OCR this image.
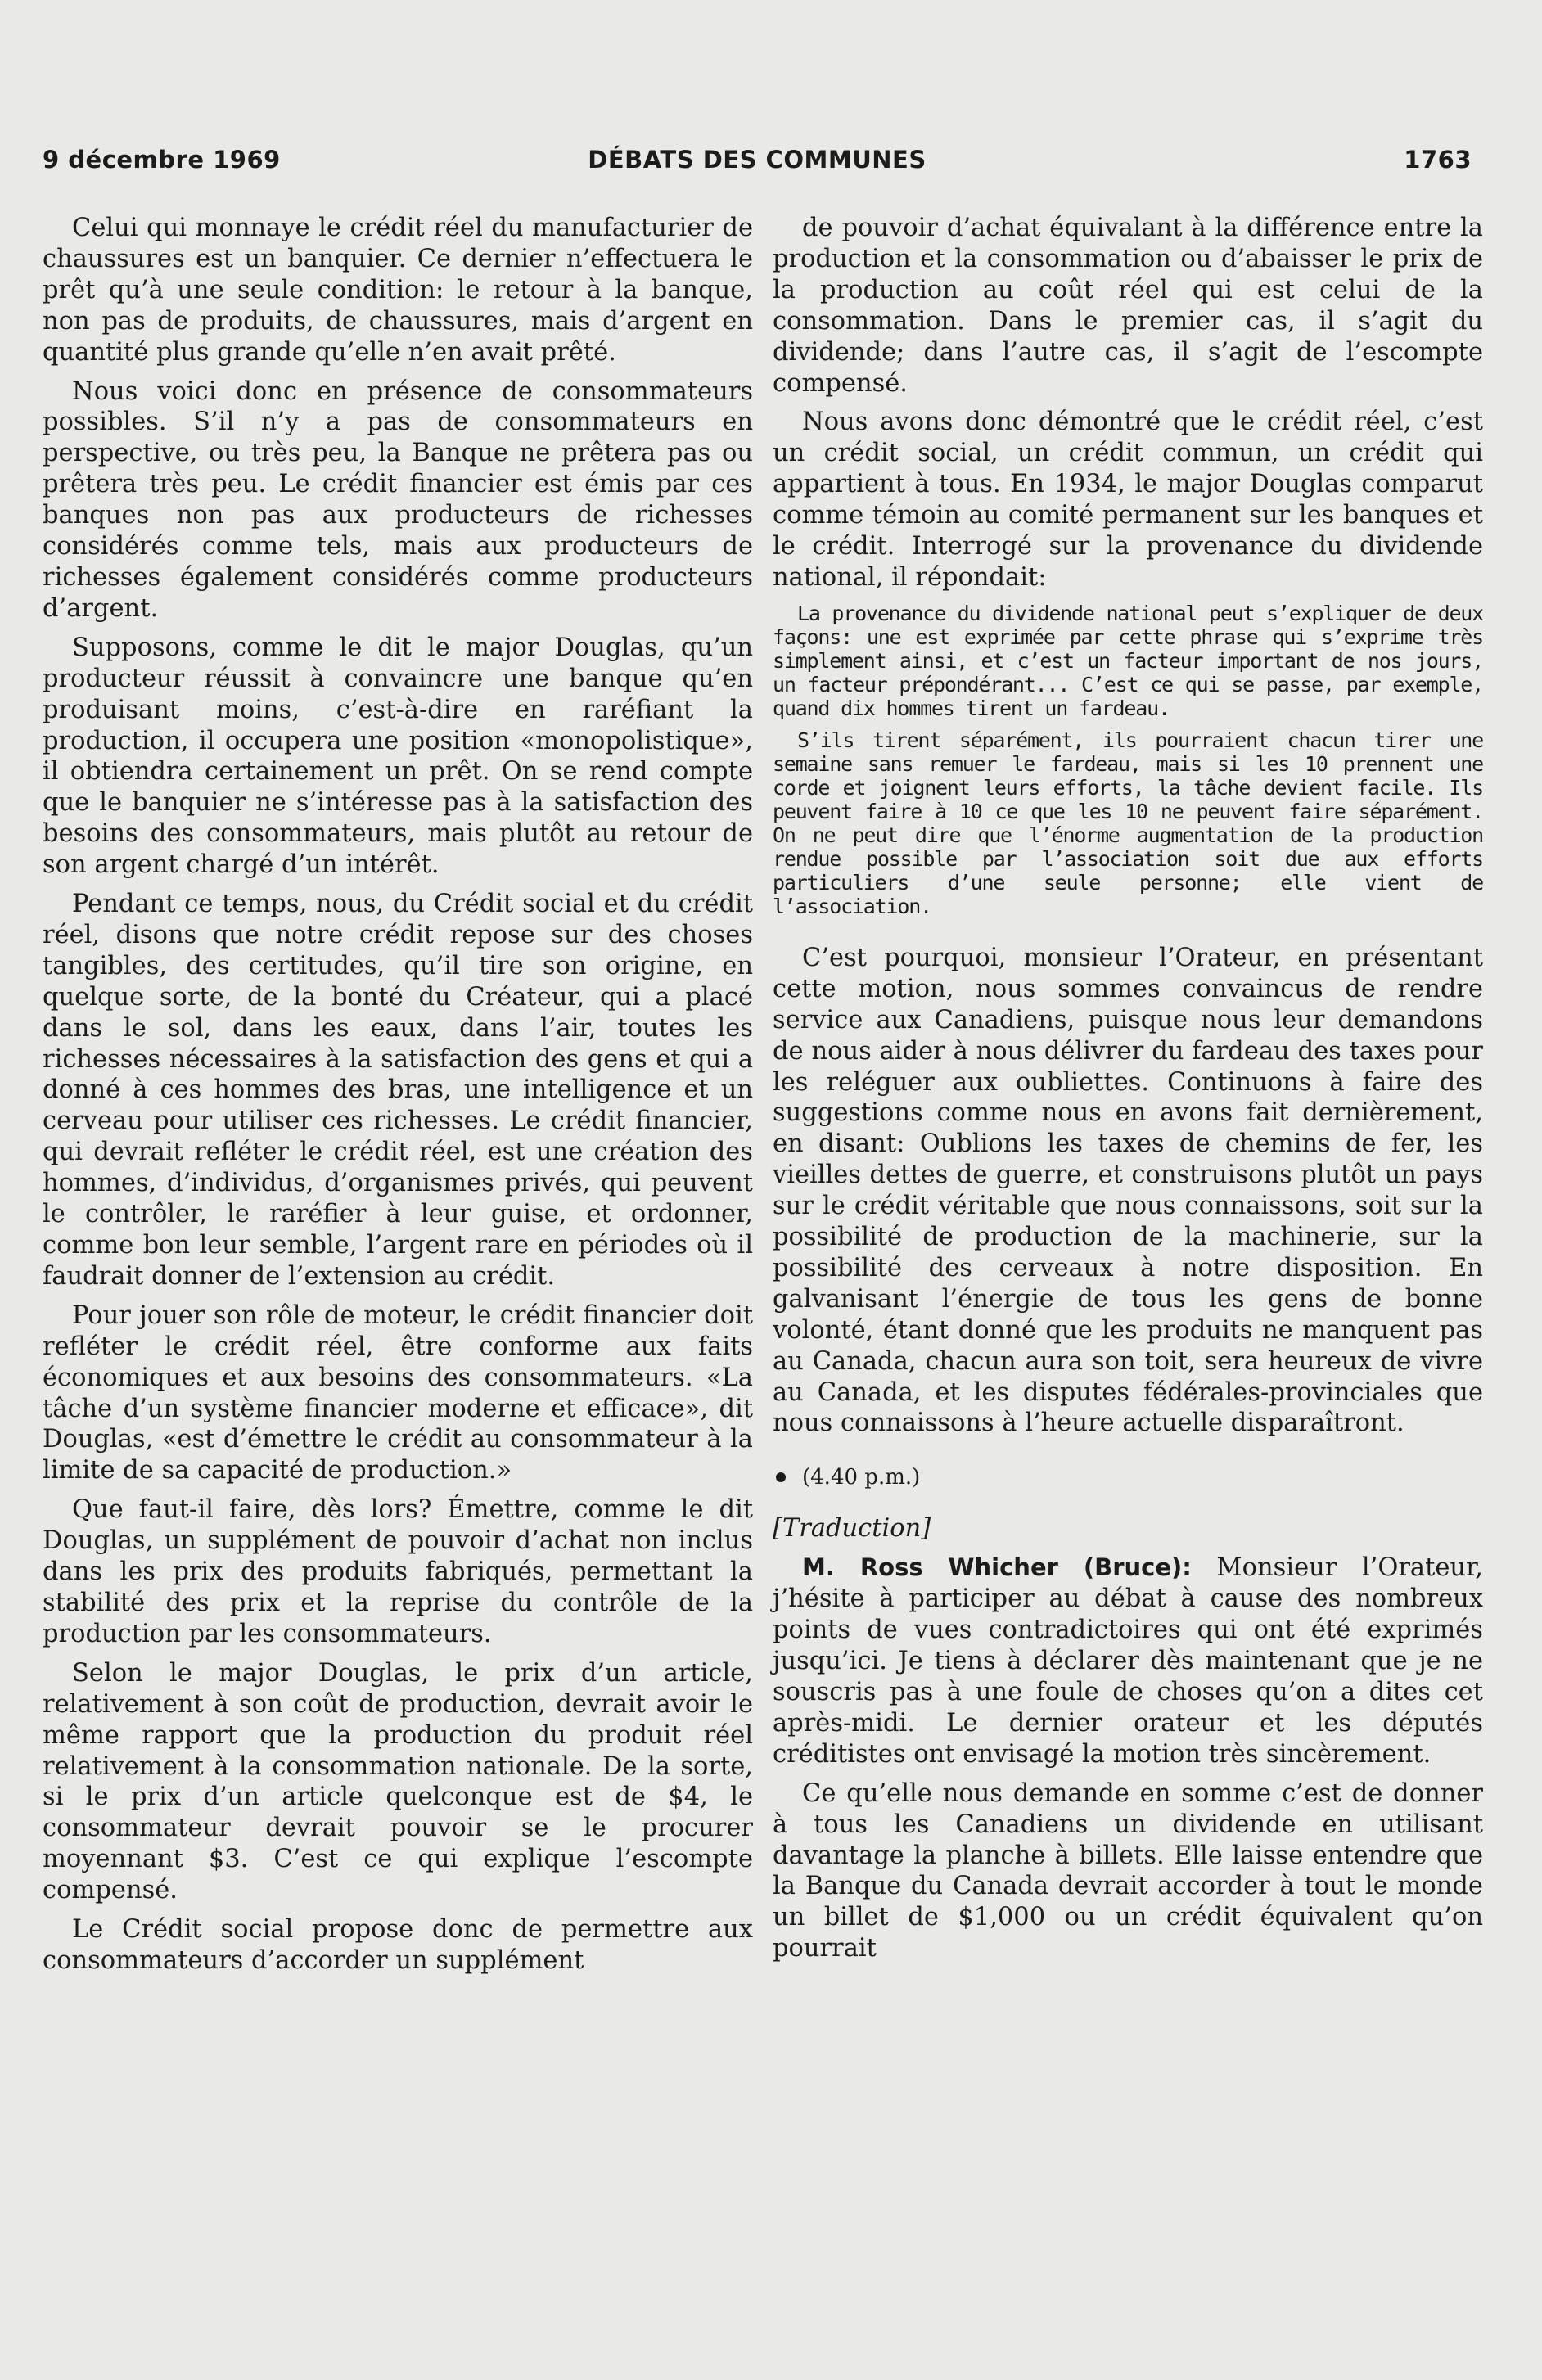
9 décembre 1969	DÉBATS DES COMMUNES	1763

Celui qui monnaye le crédit réel du manufacturier de chaussures est un banquier. Ce dernier n’effectuera le prêt qu’à une seule condition: le retour à la banque, non pas de produits, de chaussures, mais d’argent en quantité plus grande qu’elle n’en avait prêté.

Nous voici donc en présence de consommateurs possibles. S’il n’y a pas de consommateurs en perspective, ou très peu, la Banque ne prêtera pas ou prêtera très peu. Le crédit financier est émis par ces banques non pas aux producteurs de richesses considérés comme tels, mais aux producteurs de richesses également considérés comme producteurs d’argent.

Supposons, comme le dit le major Douglas, qu’un producteur réussit à convaincre une banque qu’en produisant moins, c’est-à-dire en raréfiant la production, il occupera une position «monopolistique», il obtiendra certainement un prêt. On se rend compte que le banquier ne s’intéresse pas à la satisfaction des besoins des consommateurs, mais plutôt au retour de son argent chargé d’un intérêt.

Pendant ce temps, nous, du Crédit social et du crédit réel, disons que notre crédit repose sur des choses tangibles, des certitudes, qu’il tire son origine, en quelque sorte, de la bonté du Créateur, qui a placé dans le sol, dans les eaux, dans l’air, toutes les richesses nécessaires à la satisfaction des gens et qui a donné à ces hommes des bras, une intelligence et un cerveau pour utiliser ces richesses. Le crédit financier, qui devrait refléter le crédit réel, est une création des hommes, d’individus, d’organismes privés, qui peuvent le contrôler, le raréfier à leur guise, et ordonner, comme bon leur semble, l’argent rare en périodes où il faudrait donner de l’extension au crédit.

Pour jouer son rôle de moteur, le crédit financier doit refléter le crédit réel, être conforme aux faits économiques et aux besoins des consommateurs. «La tâche d’un système financier moderne et efficace», dit Douglas, «est d’émettre le crédit au consommateur à la limite de sa capacité de production.»

Que faut-il faire, dès lors? Émettre, comme le dit Douglas, un supplément de pouvoir d’achat non inclus dans les prix des produits fabriqués, permettant la stabilité des prix et la reprise du contrôle de la production par les consommateurs.

Selon le major Douglas, le prix d’un article, relativement à son coût de production, devrait avoir le même rapport que la production du produit réel relativement à la consommation nationale. De la sorte, si le prix d’un article quelconque est de $4, le consommateur devrait pouvoir se le procurer moyennant $3. C’est ce qui explique l’escompte compensé.

Le Crédit social propose donc de permettre aux consommateurs d’accorder un supplément

de pouvoir d’achat équivalant à la différence entre la production et la consommation ou d’abaisser le prix de la production au coût réel qui est celui de la consommation. Dans le premier cas, il s’agit du dividende; dans l’autre cas, il s’agit de l’escompte compensé.

Nous avons donc démontré que le crédit réel, c’est un crédit social, un crédit commun, un crédit qui appartient à tous. En 1934, le major Douglas comparut comme témoin au comité permanent sur les banques et le crédit. Interrogé sur la provenance du dividende national, il répondait:

La provenance du dividende national peut s’expliquer de deux façons: une est exprimée par cette phrase qui s’exprime très simplement ainsi, et c’est un facteur important de nos jours, un facteur prépondérant... C’est ce qui se passe, par exemple, quand dix hommes tirent un fardeau.

S’ils tirent séparément, ils pourraient chacun tirer une semaine sans remuer le fardeau, mais si les 10 prennent une corde et joignent leurs efforts, la tâche devient facile. Ils peuvent faire à 10 ce que les 10 ne peuvent faire séparément. On ne peut dire que l’énorme augmentation de la production rendue possible par l’association soit due aux efforts particuliers d’une seule personne; elle vient de l’association.

C’est pourquoi, monsieur l’Orateur, en présentant cette motion, nous sommes convaincus de rendre service aux Canadiens, puisque nous leur demandons de nous aider à nous délivrer du fardeau des taxes pour les reléguer aux oubliettes. Continuons à faire des suggestions comme nous en avons fait dernièrement, en disant: Oublions les taxes de chemins de fer, les vieilles dettes de guerre, et construisons plutôt un pays sur le crédit véritable que nous connaissons, soit sur la possibilité de production de la machinerie, sur la possibilité des cerveaux à notre disposition. En galvanisant l’énergie de tous les gens de bonne volonté, étant donné que les produits ne manquent pas au Canada, chacun aura son toit, sera heureux de vivre au Canada, et les disputes fédérales-provinciales que nous connaissons à l’heure actuelle disparaîtront.

(4.40 p.m.)

[Traduction]

M. Ross Whicher (Bruce): Monsieur l’Orateur, j’hésite à participer au débat à cause des nombreux points de vues contradictoires qui ont été exprimés jusqu’ici. Je tiens à déclarer dès maintenant que je ne souscris pas à une foule de choses qu’on a dites cet après-midi. Le dernier orateur et les députés créditistes ont envisagé la motion très sincèrement.

Ce qu’elle nous demande en somme c’est de donner à tous les Canadiens un dividende en utilisant davantage la planche à billets. Elle laisse entendre que la Banque du Canada devrait accorder à tout le monde un billet de $1,000 ou un crédit équivalent qu’on pourrait
